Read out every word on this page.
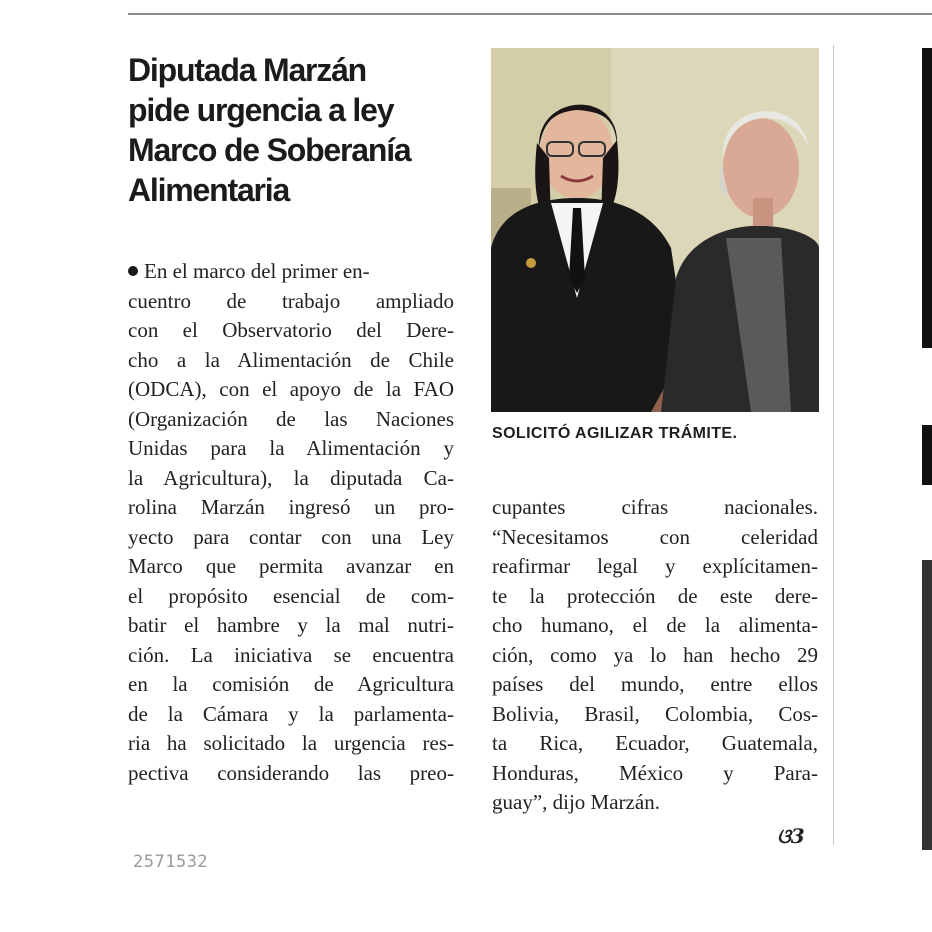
Diputada Marzán
pide urgencia a ley
Marco de Soberanía
Alimentaria
En el marco del primer en-
cuentro de trabajo ampliado
con el Observatorio del Dere-
cho a la Alimentación de Chile
(ODCA), con el apoyo de la FAO
(Organización de las Naciones
Unidas para la Alimentación y
la Agricultura), la diputada Ca-
rolina Marzán ingresó un pro-
yecto para contar con una Ley
Marco que permita avanzar en
el propósito esencial de com-
batir el hambre y la mal nutri-
ción. La iniciativa se encuentra
en la comisión de Agricultura
de la Cámara y la parlamenta-
ria ha solicitado la urgencia res-
pectiva considerando las preo-
SOLICITÓ AGILIZAR TRÁMITE.
cupantes cifras nacionales.
“Necesitamos con celeridad
reafirmar legal y explícitamen-
te la protección de este dere-
cho humano, el de la alimenta-
ción, como ya lo han hecho 29
países del mundo, entre ellos
Bolivia, Brasil, Colombia, Cos-
ta Rica, Ecuador, Guatemala,
Honduras, México y Para-
guay”, dijo Marzán.
ଓ3
2571532
